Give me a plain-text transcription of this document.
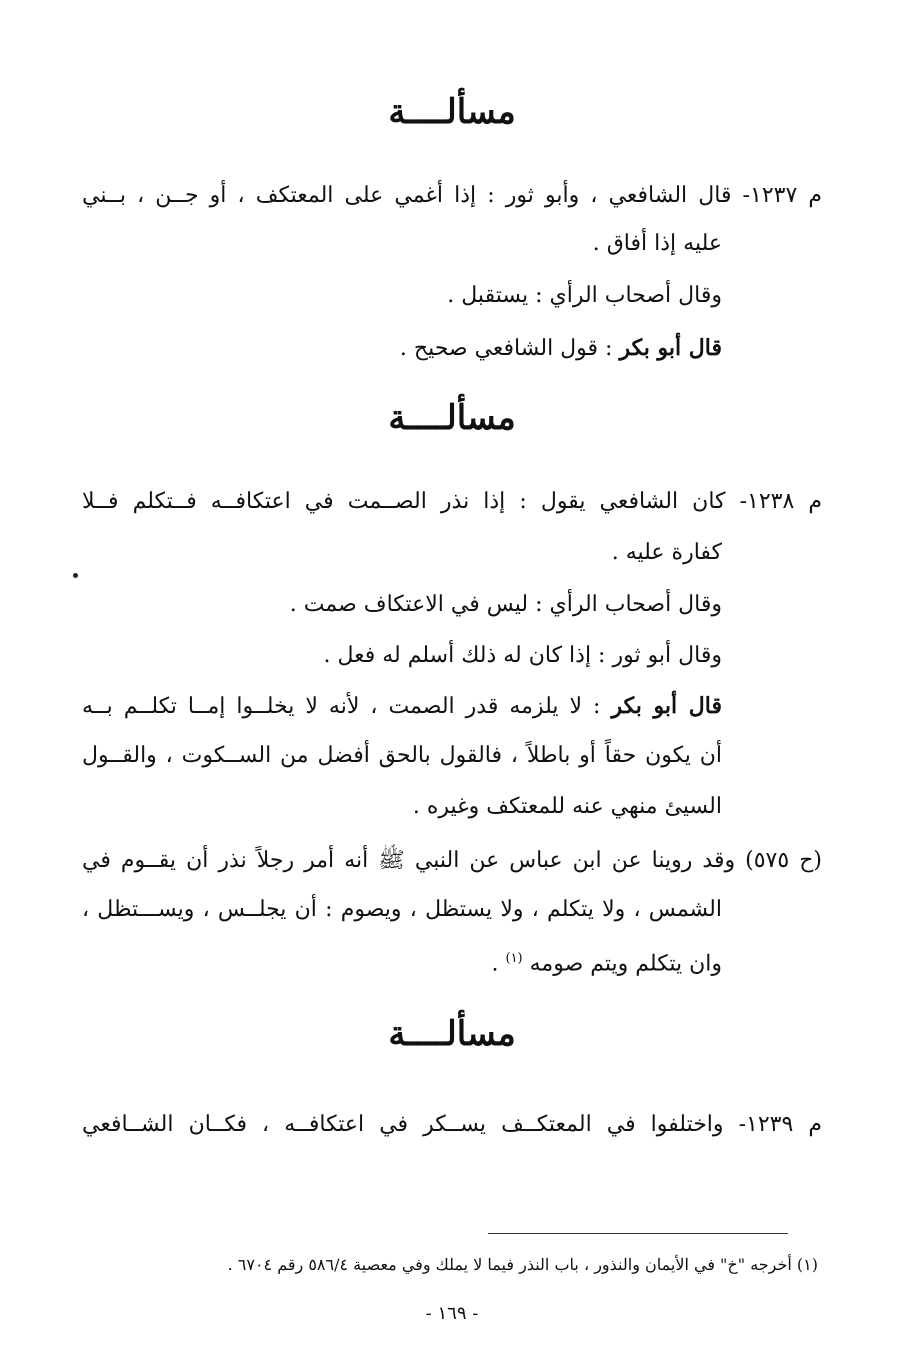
مسألــــة
م ١٢٣٧- قال الشافعي ، وأبو ثور : إذا أغمي على المعتكف ، أو جــن ، بــني
عليه إذا أفاق .
وقال أصحاب الرأي : يستقبل .
قال أبو بكر : قول الشافعي صحيح .
مسألــــة
م ١٢٣٨- كان الشافعي يقول : إذا نذر الصــمت في اعتكافــه فــتكلم فــلا
كفارة عليه .
وقال أصحاب الرأي : ليس في الاعتكاف صمت .
وقال أبو ثور : إذا كان له ذلك أسلم له فعل .
قال أبو بكر : لا يلزمه قدر الصمت ، لأنه لا يخلــوا إمــا تكلــم بــه
أن يكون حقاً أو باطلاً ، فالقول بالحق أفضل من الســكوت ، والقــول
السيئ منهي عنه للمعتكف وغيره .
(ح ٥٧٥) وقد روينا عن ابن عباس عن النبي ﷺ أنه أمر رجلاً نذر أن يقــوم في
الشمس ، ولا يتكلم ، ولا يستظل ، ويصوم : أن يجلــس ، ويســـتظل ،
وان يتكلم ويتم صومه $^{(١)}$ .
مسألــــة
م ١٢٣٩- واختلفوا في المعتكــف يســكر في اعتكافــه ، فكــان الشــافعي
(١) أخرجه "خ" في الأيمان والنذور ، باب النذر فيما لا يملك وفي معصية ٥٨٦/٤ رقم ٦٧٠٤ .
- ١٦٩ -
